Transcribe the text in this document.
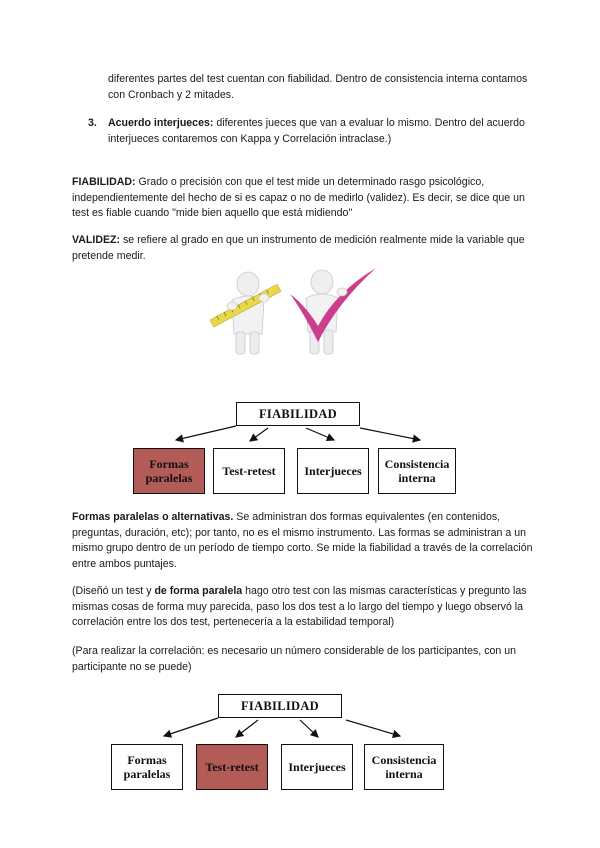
diferentes partes del test cuentan con fiabilidad. Dentro de consistencia interna contamos con Cronbach y 2 mitades.

3. Acuerdo interjueces: diferentes jueces que van a evaluar lo mismo. Dentro del acuerdo interjueces contaremos con Kappa y Correlación intraclase.)

FIABILIDAD: Grado o precisión con que el test mide un determinado rasgo psicológico, independientemente del hecho de si es capaz o no de medirlo (validez). Es decir, se dice que un test es fiable cuando "mide bien aquello que está midiendo"

VALIDEZ: se refiere al grado en que un instrumento de medición realmente mide la variable que pretende medir.

FIABILIDAD
Formas paralelas	Test-retest	Interjueces	Consistencia interna

Formas paralelas o alternativas. Se administran dos formas equivalentes (en contenidos, preguntas, duración, etc); por tanto, no es el mismo instrumento. Las formas se administran a un mismo grupo dentro de un período de tiempo corto. Se mide la fiabilidad a través de la correlación entre ambos puntajes.

(Diseñó un test y de forma paralela hago otro test con las mismas características y pregunto las mismas cosas de forma muy parecida, paso los dos test a lo largo del tiempo y luego observó la correlación entre los dos test, pertenecería a la estabilidad temporal)

(Para realizar la correlación: es necesario un número considerable de los participantes, con un participante no se puede)

FIABILIDAD
Formas paralelas	Test-retest	Interjueces	Consistencia interna
